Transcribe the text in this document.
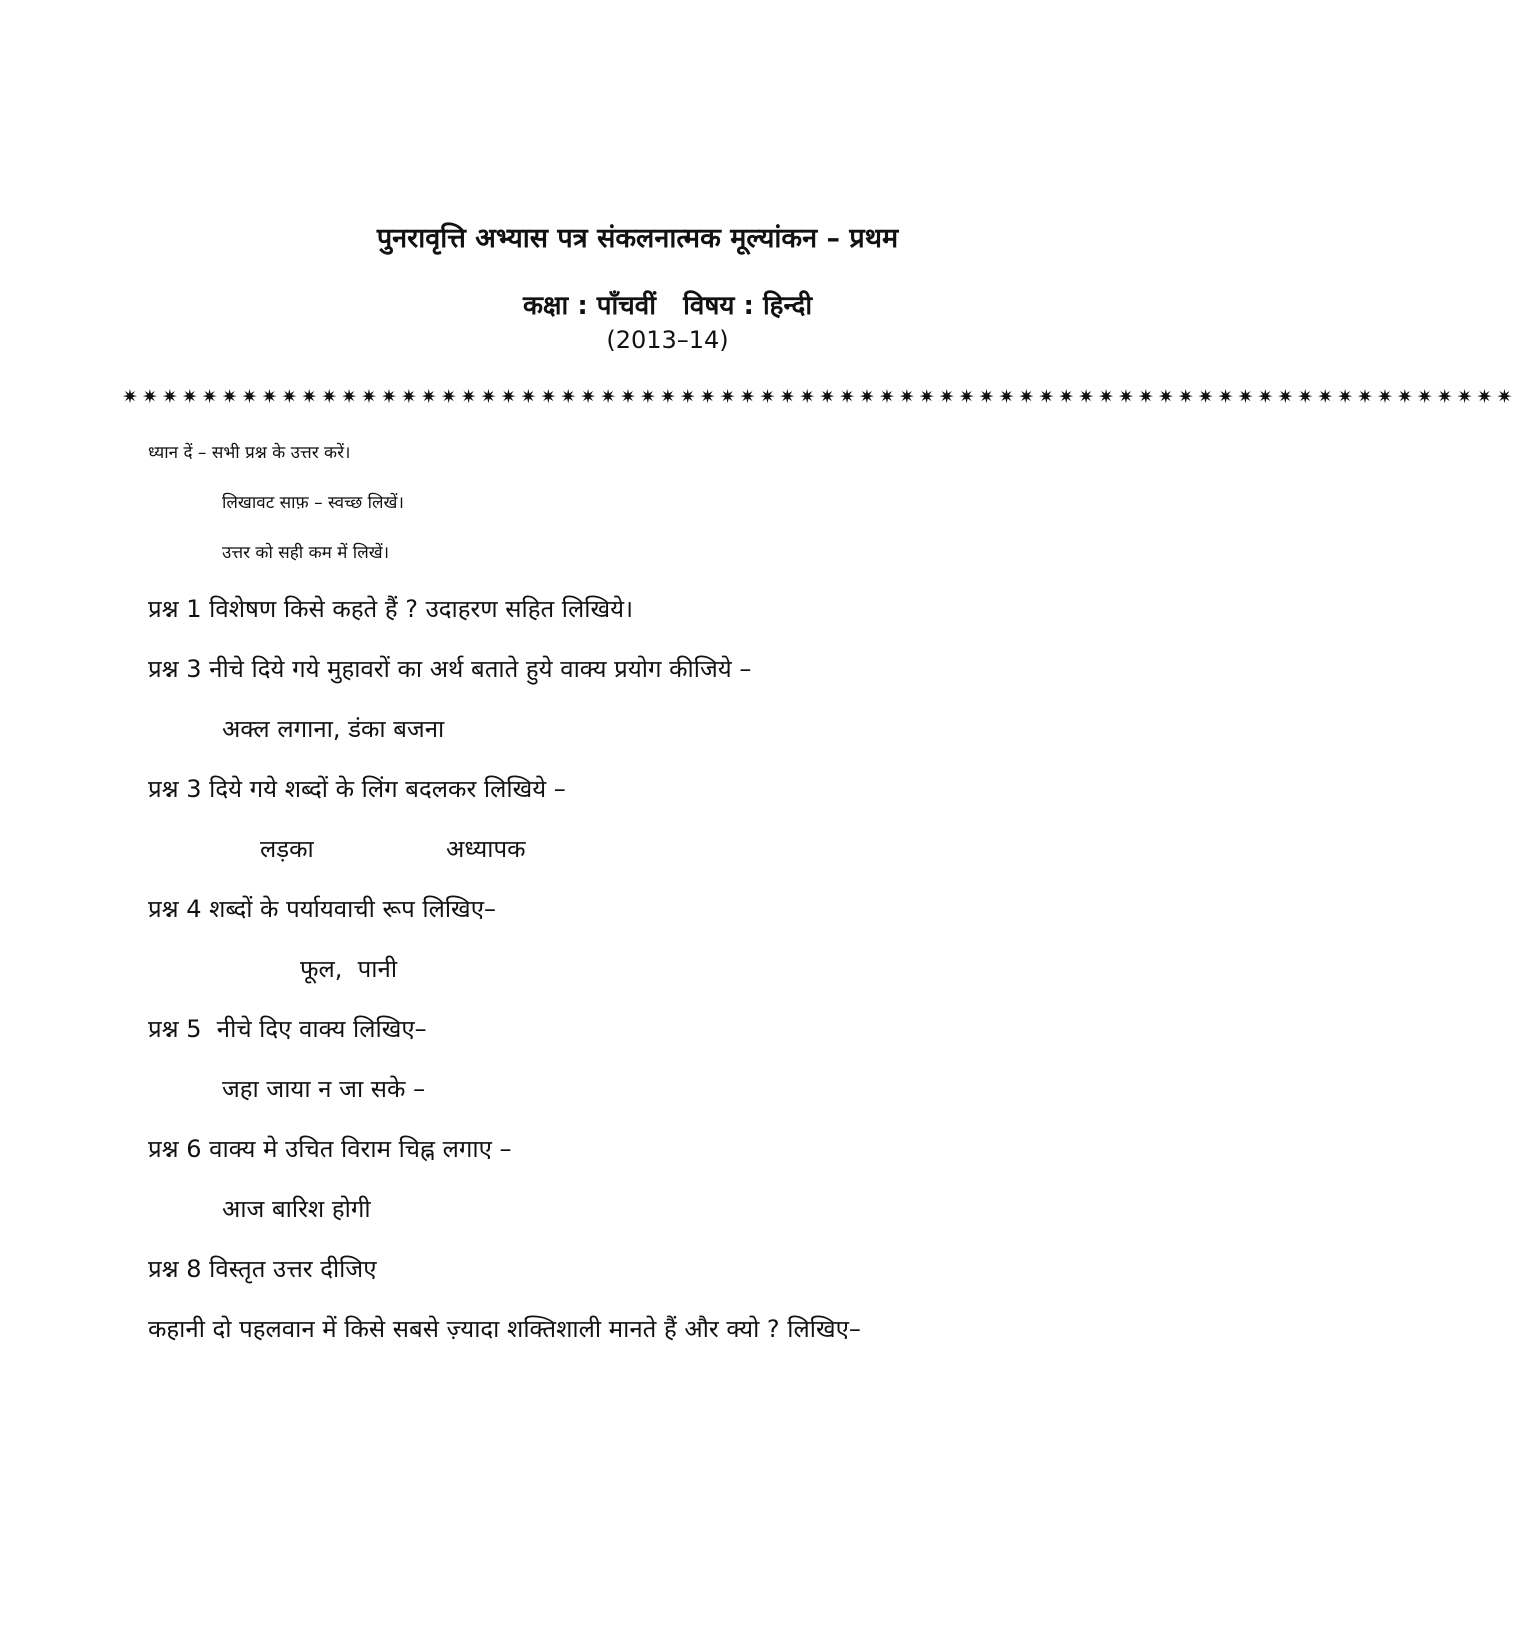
पुनरावृत्ति अभ्यास पत्र संकलनात्मक मूल्यांकन – प्रथम
कक्षा : पाँचवीं   विषय : हिन्दी
(2013–14)
✷✷✷✷✷✷✷✷✷✷✷✷✷✷✷✷✷✷✷✷✷✷✷✷✷✷✷✷✷✷✷✷✷✷✷✷✷✷✷✷✷✷✷✷✷✷✷✷✷✷✷✷✷✷✷✷✷✷✷✷✷✷✷✷✷✷✷✷✷✷
ध्यान दें – सभी प्रश्न के उत्तर करें।
लिखावट साफ़ – स्वच्छ लिखें।
उत्तर को सही कम में लिखें।
प्रश्न 1 विशेषण किसे कहते हैं ? उदाहरण सहित लिखिये।
प्रश्न 3 नीचे दिये गये मुहावरों का अर्थ बताते हुये वाक्य प्रयोग कीजिये –
अक्ल लगाना, डंका बजना
प्रश्न 3 दिये गये शब्दों के लिंग बदलकर लिखिये –
लड़का	अध्यापक
प्रश्न 4 शब्दों के पर्यायवाची रूप लिखिए–
फूल,  पानी
प्रश्न 5  नीचे दिए वाक्य लिखिए–
जहा जाया न जा सके –
प्रश्न 6 वाक्य मे उचित विराम चिह्न लगाए –
आज बारिश होगी
प्रश्न 8 विस्तृत उत्तर दीजिए
कहानी दो पहलवान में किसे सबसे ज़्यादा शक्तिशाली मानते हैं और क्यो ? लिखिए–
